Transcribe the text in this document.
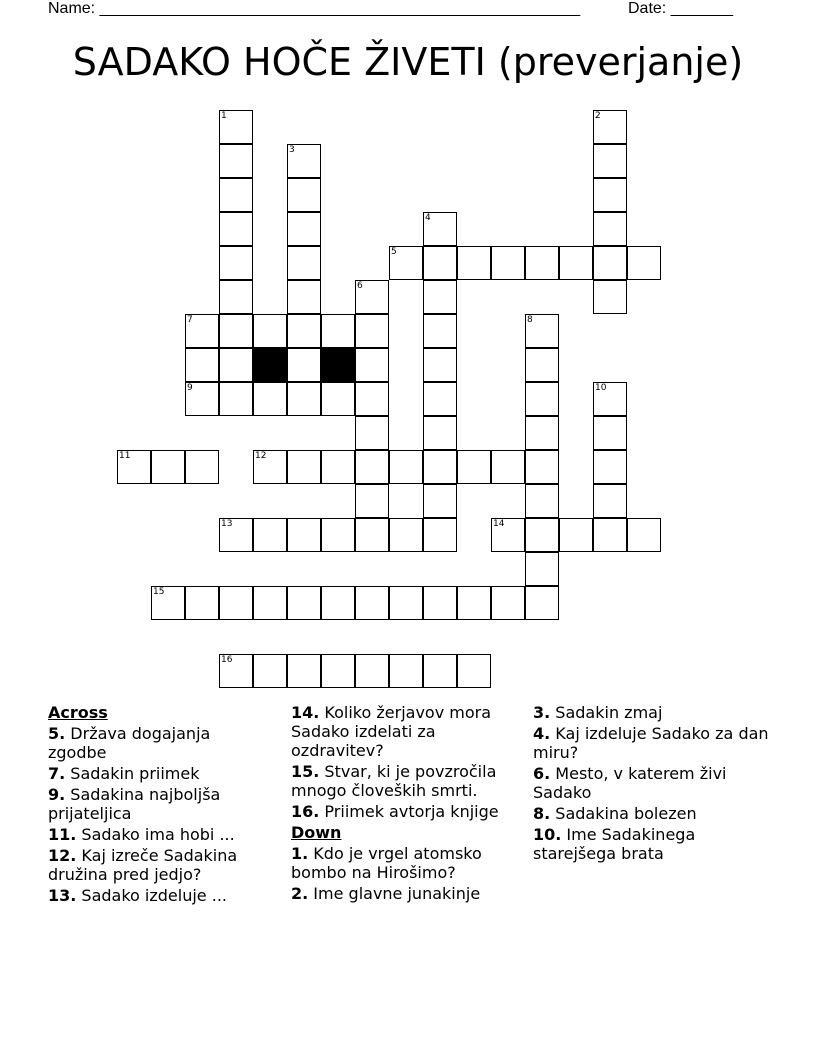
Name: ______________________________________________________	Date: _______
SADAKO HOČE ŽIVETI (preverjanje)
5
7
9
11	12
13	14
15
16
1	2
3
4
6
8
10
Across
5. Država dogajanja zgodbe
7. Sadakin priimek
9. Sadakina najboljša prijateljica
11. Sadako ima hobi ...
12. Kaj izreče Sadakina družina pred jedjo?
13. Sadako izdeluje ...
14. Koliko žerjavov mora Sadako izdelati za ozdravitev?
15. Stvar, ki je povzročila mnogo človeških smrti.
16. Priimek avtorja knjige
Down
1. Kdo je vrgel atomsko bombo na Hirošimo?
2. Ime glavne junakinje
3. Sadakin zmaj
4. Kaj izdeluje Sadako za dan miru?
6. Mesto, v katerem živi Sadako
8. Sadakina bolezen
10. Ime Sadakinega starejšega brata
